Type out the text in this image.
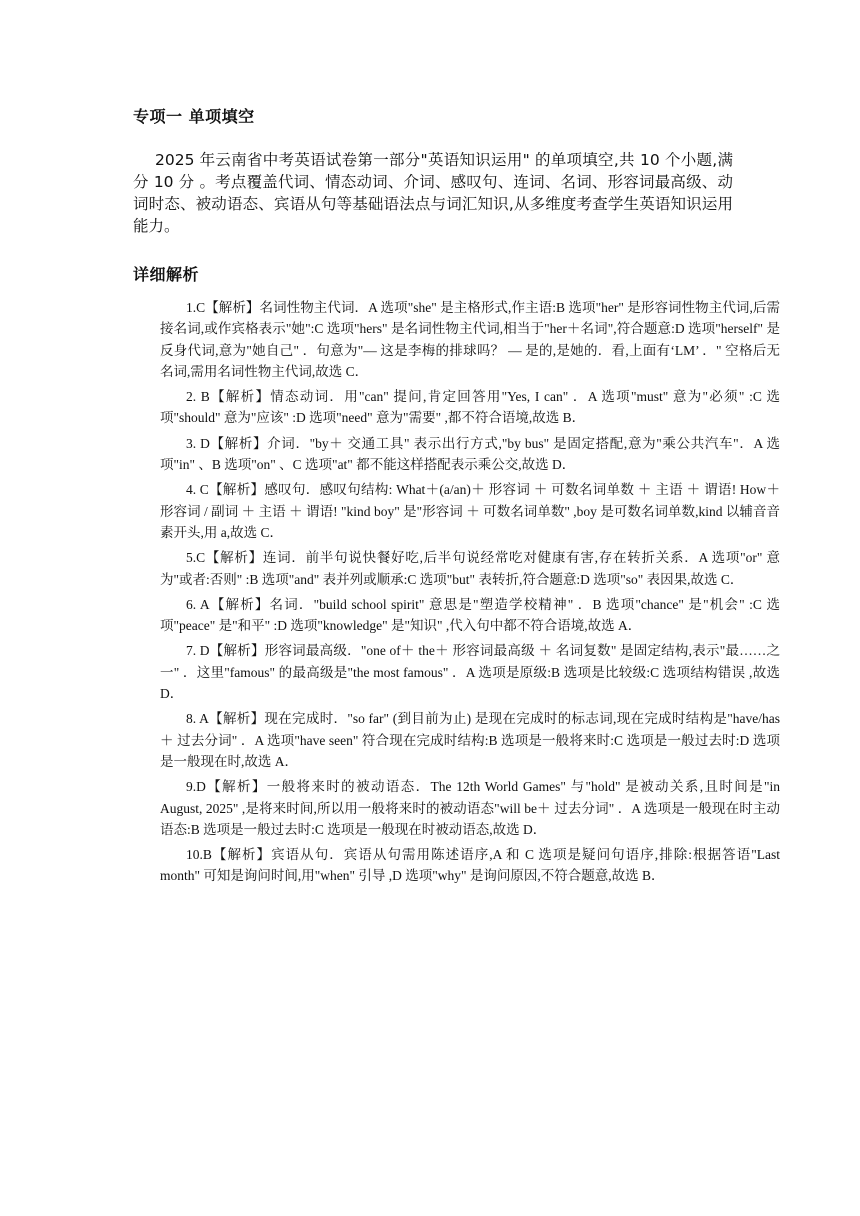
专项一 单项填空

2025 年云南省中考英语试卷第一部分"英语知识运用" 的单项填空,共 10 个小题,满分 10 分 。考点覆盖代词、情态动词、介词、感叹句、连词、名词、形容词最高级、动词时态、被动语态、宾语从句等基础语法点与词汇知识,从多维度考查学生英语知识运用能力。

详细解析

1.C【解析】名词性物主代词．A 选项"she" 是主格形式,作主语:B 选项"her" 是形容词性物主代词,后需接名词,或作宾格表示"她":C 选项"hers" 是名词性物主代词,相当于"her＋名词",符合题意:D 选项"herself" 是反身代词,意为"她自己" ．句意为"— 这是李梅的排球吗？ — 是的,是她的．看,上面有‘LM’ ．" 空格后无名词,需用名词性物主代词,故选 C．

2. B【解析】情态动词．用"can" 提问,肯定回答用"Yes, I can" ．A 选项"must" 意为"必须" :C 选项"should" 意为"应该" :D 选项"need" 意为"需要" ,都不符合语境,故选 B．

3. D【解析】介词．"by＋ 交通工具" 表示出行方式,"by bus" 是固定搭配,意为"乘公共汽车"．A 选项"in" 、B 选项"on" 、C 选项"at" 都不能这样搭配表示乘公交,故选 D．

4. C【解析】感叹句．感叹句结构: What＋(a/an)＋ 形容词 ＋ 可数名词单数 ＋ 主语 ＋ 谓语! How＋ 形容词 / 副词 ＋ 主语 ＋ 谓语! "kind boy" 是"形容词 ＋ 可数名词单数" ,boy 是可数名词单数,kind 以辅音音素开头,用 a,故选 C．

5.C【解析】连词．前半句说快餐好吃,后半句说经常吃对健康有害,存在转折关系．A 选项"or" 意为"或者:否则" :B 选项"and" 表并列或顺承:C 选项"but" 表转折,符合题意:D 选项"so" 表因果,故选 C．

6. A【解析】名词．"build school spirit" 意思是"塑造学校精神" ．B 选项"chance" 是"机会" :C 选项"peace" 是"和平" :D 选项"knowledge" 是"知识" ,代入句中都不符合语境,故选 A．

7. D【解析】形容词最高级．"one of＋ the＋ 形容词最高级 ＋ 名词复数" 是固定结构,表示"最……之一" ．这里"famous" 的最高级是"the most famous" ．A 选项是原级:B 选项是比较级:C 选项结构错误 ,故选 D．

8. A【解析】现在完成时．"so far" (到目前为止) 是现在完成时的标志词,现在完成时结构是"have/has＋ 过去分词" ．A 选项"have seen" 符合现在完成时结构:B 选项是一般将来时:C 选项是一般过去时:D 选项是一般现在时,故选 A．

9.D【解析】一般将来时的被动语态．The 12th World Games" 与"hold" 是被动关系,且时间是"in August, 2025" ,是将来时间,所以用一般将来时的被动语态"will be＋ 过去分词" ．A 选项是一般现在时主动语态:B 选项是一般过去时:C 选项是一般现在时被动语态,故选 D．

10.B【解析】宾语从句．宾语从句需用陈述语序,A 和 C 选项是疑问句语序,排除:根据答语"Last month" 可知是询问时间,用"when" 引导 ,D 选项"why" 是询问原因,不符合题意,故选 B．
